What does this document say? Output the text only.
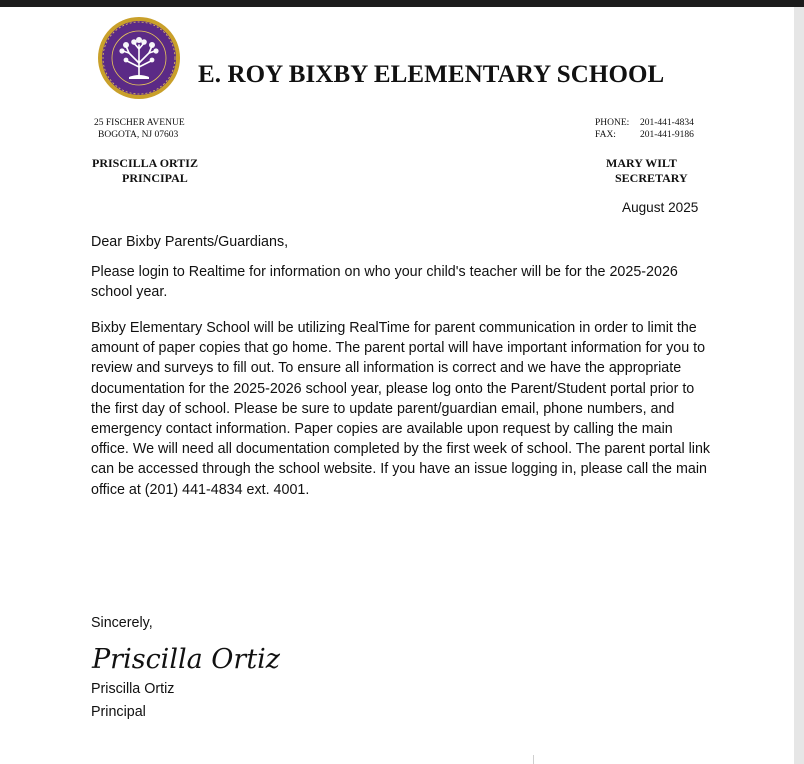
E. ROY BIXBY ELEMENTARY SCHOOL
25 FISCHER AVENUE
BOGOTA, NJ 07603
PHONE: 201-441-4834
FAX:	201-441-9186
PRISCILLA ORTIZ
PRINCIPAL
MARY WILT
SECRETARY
August 2025
Dear Bixby Parents/Guardians,
Please login to Realtime for information on who your child's teacher will be for the 2025-2026 school year.
Bixby Elementary School will be utilizing RealTime for parent communication in order to limit the amount of paper copies that go home. The parent portal will have important information for you to review and surveys to fill out. To ensure all information is correct and we have the appropriate documentation for the 2025-2026 school year, please log onto the Parent/Student portal prior to the first day of school. Please be sure to update parent/guardian email, phone numbers, and emergency contact information. Paper copies are available upon request by calling the main office. We will need all documentation completed by the first week of school. The parent portal link can be accessed through the school website. If you have an issue logging in, please call the main office at (201) 441-4834 ext. 4001.
Sincerely,
Priscilla Ortiz
Priscilla Ortiz
Principal
